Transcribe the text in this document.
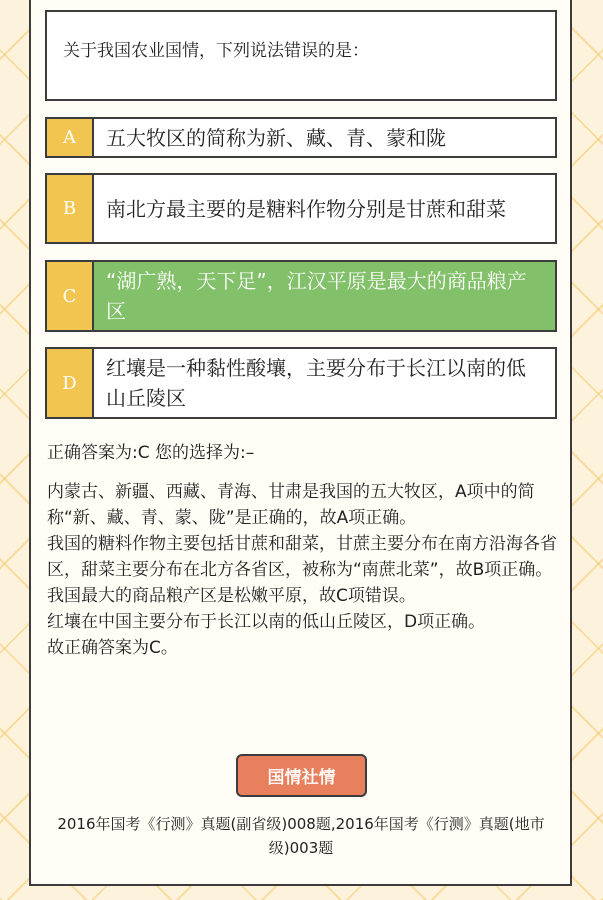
关于我国农业国情，下列说法错误的是：
A	五大牧区的简称为新、藏、青、蒙和陇
B	南北方最主要的是糖料作物分别是甘蔗和甜菜
C
“湖广熟，天下足”，江汉平原是最大的商品粮产区
D
红壤是一种黏性酸壤，主要分布于长江以南的低山丘陵区
正确答案为:C 您的选择为:–

内蒙古、新疆、西藏、青海、甘肃是我国的五大牧区，A项中的简称“新、藏、青、蒙、陇”是正确的，故A项正确。

我国的糖料作物主要包括甘蔗和甜菜，甘蔗主要分布在南方沿海各省区，甜菜主要分布在北方各省区，被称为“南蔗北菜”，故B项正确。

我国最大的商品粮产区是松嫩平原，故C项错误。

红壤在中国主要分布于长江以南的低山丘陵区，D项正确。

故正确答案为C。

国情社情
2016年国考《行测》真题(副省级)008题,2016年国考《行测》真题(地市级)003题
